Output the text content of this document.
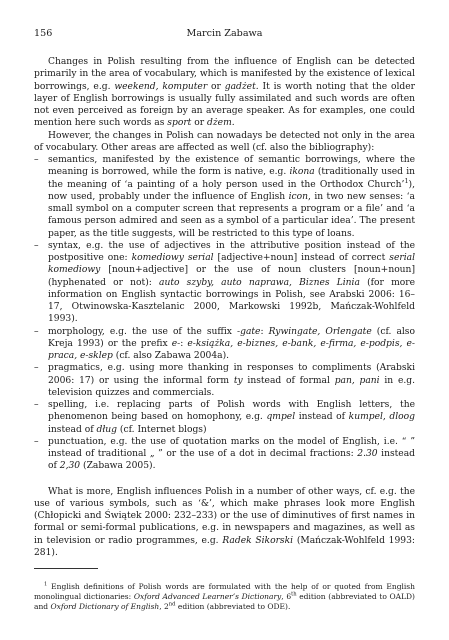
156	Marcin Zabawa

Changes in Polish resulting from the influence of English can be detected primarily in the area of vocabulary, which is manifested by the existence of lexical borrowings, e.g. weekend, komputer or gadżet. It is worth noting that the older layer of English borrowings is usually fully assimilated and such words are often not even perceived as foreign by an average speaker. As for examples, one could mention here such words as sport or dżem.

However, the changes in Polish can nowadays be detected not only in the area of vocabulary. Other areas are affected as well (cf. also the bibliography):

–	semantics, manifested by the existence of semantic borrowings, where the meaning is borrowed, while the form is native, e.g. ikona (traditionally used in the meaning of ‘a painting of a holy person used in the Orthodox Church’$^1$), now used, probably under the influence of English icon, in two new senses: ‘a small symbol on a computer screen that represents a program or a file’ and ‘a famous person admired and seen as a symbol of a particular idea’. The present paper, as the title suggests, will be restricted to this type of loans.
–	syntax, e.g. the use of adjectives in the attributive position instead of the postpositive one: komediowy serial [adjective+noun] instead of correct serial komediowy [noun+adjective] or the use of noun clusters [noun+noun] (hyphenated or not): auto szyby, auto naprawa, Biznes Linia (for more information on English syntactic borrowings in Polish, see Arabski 2006: 16–17, Otwinowska-Kasztelanic 2000, Markowski 1992b, Mańczak-Wohlfeld 1993).
–	morphology, e.g. the use of the suffix -gate: Rywingate, Orlengate (cf. also Kreja 1993) or the prefix e-: e-książka, e-biznes, e-bank, e-firma, e-podpis, e-praca, e-sklep (cf. also Zabawa 2004a).
–	pragmatics, e.g. using more thanking in responses to compliments (Arabski 2006: 17) or using the informal form ty instead of formal pan, pani in e.g. television quizzes and commercials.
–	spelling, i.e. replacing parts of Polish words with English letters, the phenomenon being based on homophony, e.g. qmpel instead of kumpel, dloog instead of dług (cf. Internet blogs)
–	punctuation, e.g. the use of quotation marks on the model of English, i.e. “ ” instead of traditional „ ” or the use of a dot in decimal fractions: 2.30 instead of 2,30 (Zabawa 2005).

What is more, English influences Polish in a number of other ways, cf. e.g. the use of various symbols, such as ‘&’, which make phrases look more English (Chłopicki and Świątek 2000: 232–233) or the use of diminutives of first names in formal or semi-formal publications, e.g. in newspapers and magazines, as well as in television or radio programmes, e.g. Radek Sikorski (Mańczak-Wohlfeld 1993: 281).

$^1$ English definitions of Polish words are formulated with the help of or quoted from English monolingual dictionaries: Oxford Advanced Learner’s Dictionary, 6th edition (abbreviated to OALD) and Oxford Dictionary of English, 2nd edition (abbreviated to ODE).
